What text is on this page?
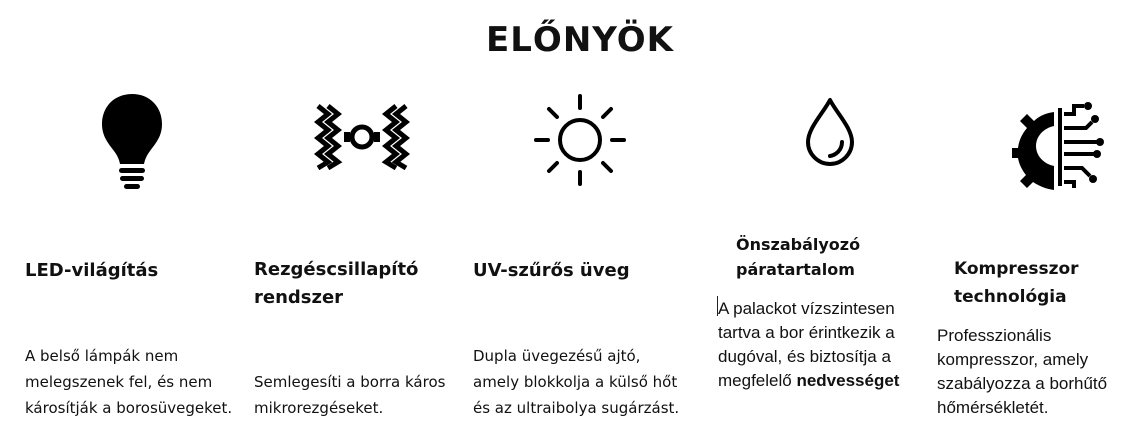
ELŐNYÖK
LED-világítás
A belső lámpák nem melegszenek fel, és nem károsítják a borosüvegeket.
Rezgéscsillapító rendszer
Semlegesíti a borra káros mikrorezgéseket.
UV-szűrős üveg
Dupla üvegezésű ajtó, amely blokkolja a külső hőt és az ultraibolya sugárzást.
Önszabályozó páratartalom
A palackot vízszintesen tartva a bor érintkezik a dugóval, és biztosítja a megfelelő nedvességet
Kompresszor technológia
Professzionális kompresszor, amely szabályozza a borhűtő hőmérsékletét.
